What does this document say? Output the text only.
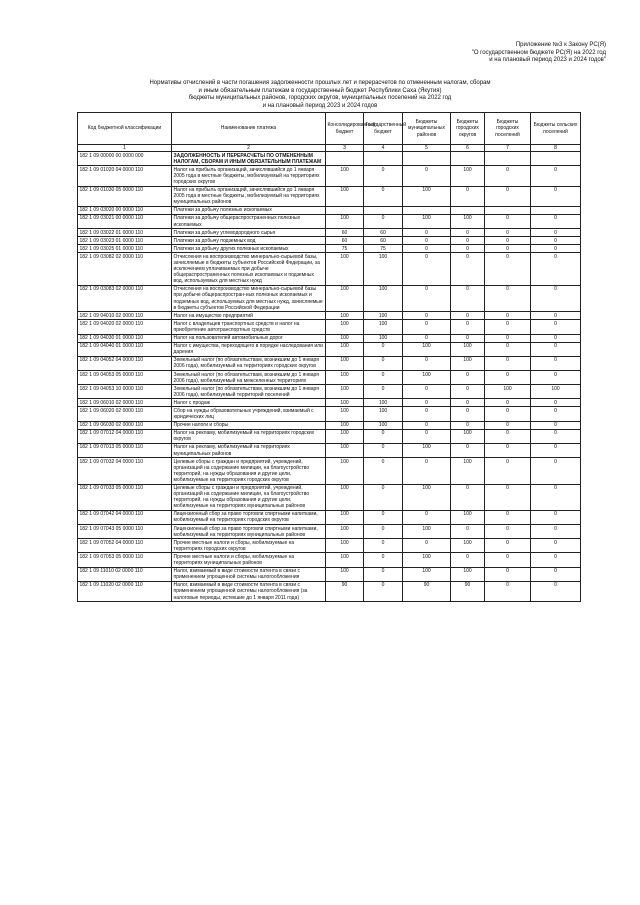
Приложение №3 к Закону РС(Я)
"О государственном бюджете РС(Я) на 2022 год
и на плановый период 2023 и 2024 годов"
Нормативы отчислений в части погашения задолженности прошлых лет и перерасчетов по отмененным налогам, сборам
и иным обязательным платежам в государственный бюджет Республики Саха (Якутия)
бюджеты муниципальных районов, городских округов, муниципальных поселений на 2022 год
и на плановый период 2023 и 2024 годов
Код бюджетной классификации	Наименование платежа	Консолидированный бюджет	Государственный бюджет	Бюджеты муниципальных районов	Бюджеты городских округов	Бюджеты городских поселений	Бюджеты сельских поселений
1	2	3	4	5	6	7	8
182 1 09 00000 00 0000 000	ЗАДОЛЖЕННОСТЬ И ПЕРЕРАСЧЕТЫ ПО ОТМЕНЕННЫМ НАЛОГАМ, СБОРАМ И ИНЫМ ОБЯЗАТЕЛЬНЫМ ПЛАТЕЖАМ						
182 1 09 01020 04 0000 110	Налог на прибыль организаций, зачислявшийся до 1 января 2005 года в местные бюджеты, мобилизуемый на территориях городских округов	100	0	0	100	0	0
182 1 09 01030 05 0000 110	Налог на прибыль организаций, зачислявшийся до 1 января 2005 года в местные бюджеты, мобилизуемый на территориях муниципальных районов	100	0	100	0	0	0
182 1 09 03020 00 0000 110	Платежи за добычу полезных ископаемых						
182 1 09 03021 00 0000 110	Платежи за добычу общераспространенных полезных ископаемых	100	0	100	100	0	0
182 1 09 03022 01 0000 110	Платежи за добычу углеводородного сырья	60	60	0	0	0	0
182 1 09 03023 01 0000 110	Платежи за добычу подземных вод	60	60	0	0	0	0
182 1 09 03025 01 0000 110	Платежи за добычу других полезных ископаемых	75	75	0	0	0	0
182 1 09 03082 02 0000 110	Отчисления на воспроизводство минерально-сырьевой базы, зачисляемые в бюджеты субъектов Российской Федерации, за исключением уплачиваемых при добыче общераспространенных полезных ископаемых и подземных вод, используемых для местных нужд	100	100	0	0	0	0
182 1 09 03083 02 0000 110	Отчисления на воспроизводство минерально-сырьевой базы при добыче общераспростран-ных полезных ископаемых и подземных вод, используемых для местных нужд, зачисляемые в бюджеты субъектов Российской Федерации	100	100	0	0	0	0
182 1 09 04010 02 0000 110	Налог на имущество предприятий	100	100	0	0	0	0
182 1 09 04020 02 0000 110	Налог с владельцев транспортных средств и налог на приобретение автотранспортных средств	100	100	0	0	0	0
182 1 09 04030 01 0000 110	Налог на пользователей автомобильных дорог	100	100	0	0	0	0
182 1 09 04040 01 0000 110	Налог с имущества, переходящего в порядке наследования или дарения	100	0	100	100	0	0
182 1 09 04052 04 0000 110	Земельный налог (по обязательствам, возникшим до 1 января 2006 года), мобилизуемый на территориях городских округов	100	0	0	100	0	0
182 1 09 04053 05 0000 110	Земельный налог (по обязательствам, возникшим до 1 января 2006 года), мобилизуемый на межселенных территориях	100	0	100	0	0	0
182 1 09 04053 10 0000 110	Земельный налог (по обязательствам, возникшим до 1 января 2006 года), мобилизуемый территорий поселений	100	0	0	0	100	100
182 1 09 06010 02 0000 110	Налог с продаж	100	100	0	0	0	0
182 1 09 06020 02 0000 110	Сбор на нужды образовательных учреждений, взимаемый с юридических лиц	100	100	0	0	0	0
182 1 09 06030 02 0000 110	Прочие налоги и сборы	100	100	0	0	0	0
182 1 09 07012 04 0000 110	Налог на рекламу, мобилизуемый на территориях городских округов	100	0	0	100	0	0
182 1 09 07013 05 0000 110	Налог на рекламу, мобилизуемый на территориях муниципальных районов	100	0	100	0	0	0
182 1 09 07032 04 0000 110	Целевые сборы с граждан и предприятий, учреждений, организаций на содержание милиции, на благоустройство территорий, на нужды образования и другие цели, мобилизуемые на территориях городских округов	100	0	0	100	0	0
182 1 09 07033 05 0000 110	Целевые сборы с граждан и предприятий, учреждений, организаций на содержание милиции, на благоустройство территорий, на нужды образования и другие цели, мобилизуемые на территориях муниципальных районов	100	0	100	0	0	0
182 1 09 07042 04 0000 110	Лицензионный сбор за право торговли спиртными напитками, мобилизуемый на территориях городских округов	100	0	0	100	0	0
182 1 09 07043 05 0000 110	Лицензионный сбор за право торговли спиртными напитками, мобилизуемый на территориях муниципальных районов	100	0	100	0	0	0
182 1 09 07052 04 0000 110	Прочие местные налоги и сборы, мобилизуемые на территориях городских округов	100	0	0	100	0	0
182 1 09 07053 05 0000 110	Прочие местные налоги и сборы, мобилизуемые на территориях муниципальных районов	100	0	100	0	0	0
182 1 09 11010 02 0000 110	Налог, взимаемый в виде стоимости патента в связи с применением упрощенной системы налогообложения	100	0	100	100	0	0
182 1 09 11020 02 0000 110	Налог, взимаемый в виде стоимости патента в связи с применением упрощенной системы налогообложения (за налоговые периоды, истекшие до 1 января 2011 года)	90	0	90	90	0	0
